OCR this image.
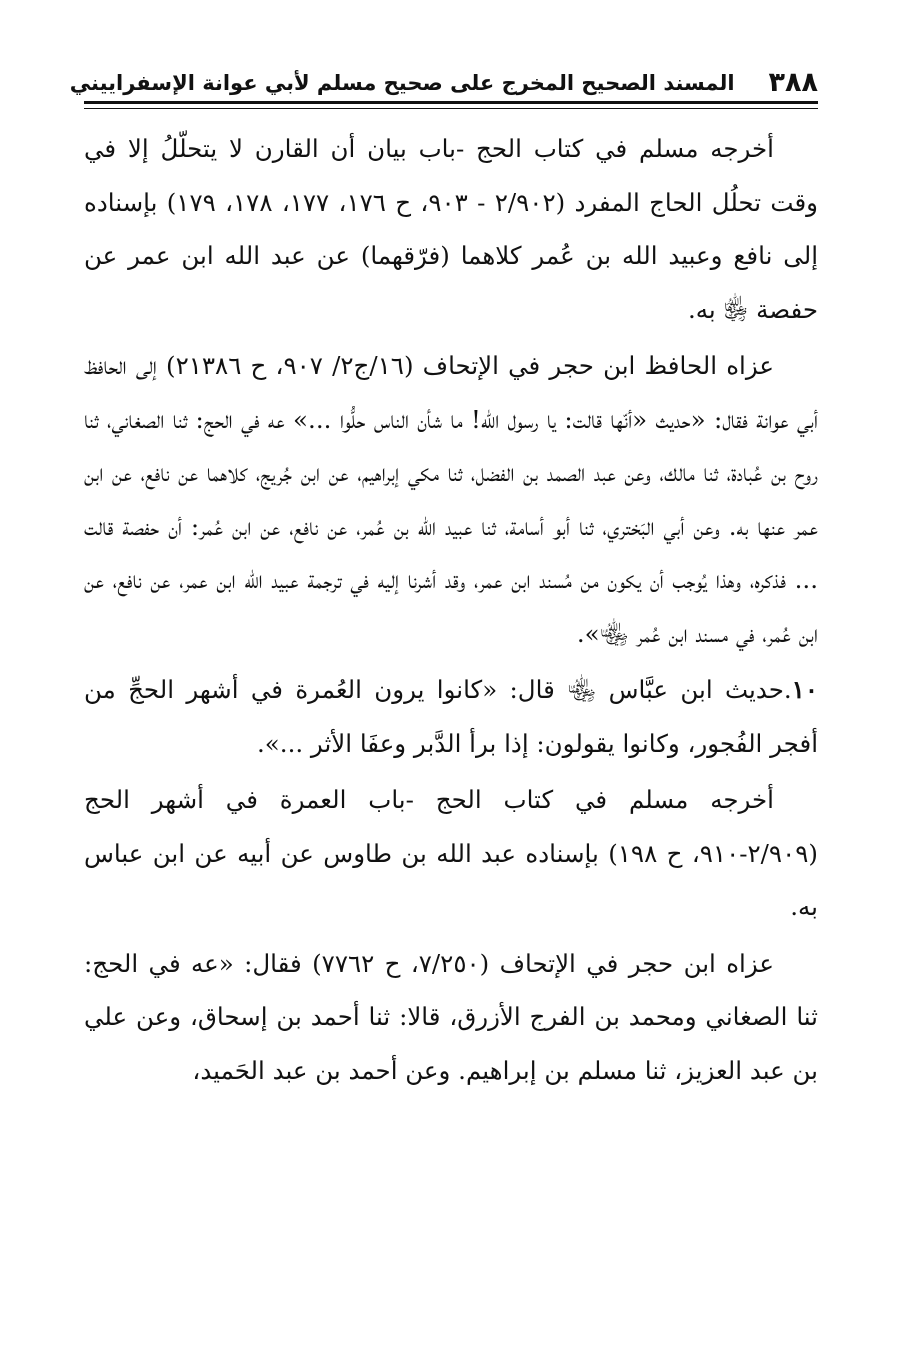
٣٨٨
المسند الصحيح المخرج على صحيح مسلم لأبي عوانة الإسفراييني

أخرجه مسلم في كتاب الحج -باب بيان أن القارن لا يتحلّلُ إلا في وقت تحلُل الحاج المفرد (٢/٩٠٢ - ٩٠٣، ح ١٧٦، ١٧٧، ١٧٨، ١٧٩) بإسناده إلى نافع وعبيد الله بن عُمر كلاهما (فرّقهما) عن عبد الله ابن عمر عن حفصة ﵂ به.

عزاه الحافظ ابن حجر في الإتحاف (١٦/ج٢/ ٩٠٧، ح ٢١٣٨٦) إلى الحافظ أبي عوانة فقال: «حديث «أنّها قالت: يا رسول الله! ما شأن الناس حلُّوا ...» عه في الحج: ثنا الصغاني، ثنا روح بن عُبادة، ثنا مالك، وعن عبد الصمد بن الفضل، ثنا مكي إبراهيم، عن ابن جُريج، كلاهما عن نافع، عن ابن عمر عنها به. وعن أبي البَختري، ثنا أبو أسامة، ثنا عبيد الله بن عُمر، عن نافع، عن ابن عُمر: أن حفصة قالت ... فذكره، وهذا يُوجب أن يكون من مُسند ابن عمر، وقد أشرنا إليه في ترجمة عبيد الله ابن عمر، عن نافع، عن ابن عُمر، في مسند ابن عُمر ﵄».

١٠.حديث ابن عبَّاس ﵄ قال: «كانوا يرون العُمرة في أشهر الحجِّ من أفجر الفُجور، وكانوا يقولون: إذا برأ الدَّبر وعفَا الأثر ...».

أخرجه مسلم في كتاب الحج -باب العمرة في أشهر الحج (٢/٩٠٩-٩١٠، ح ١٩٨) بإسناده عبد الله بن طاوس عن أبيه عن ابن عباس به.

عزاه ابن حجر في الإتحاف (٧/٢٥٠، ح ٧٧٦٢) فقال: «عه في الحج: ثنا الصغاني ومحمد بن الفرج الأزرق، قالا: ثنا أحمد بن إسحاق، وعن علي بن عبد العزيز، ثنا مسلم بن إبراهيم. وعن أحمد بن عبد الحَميد،
